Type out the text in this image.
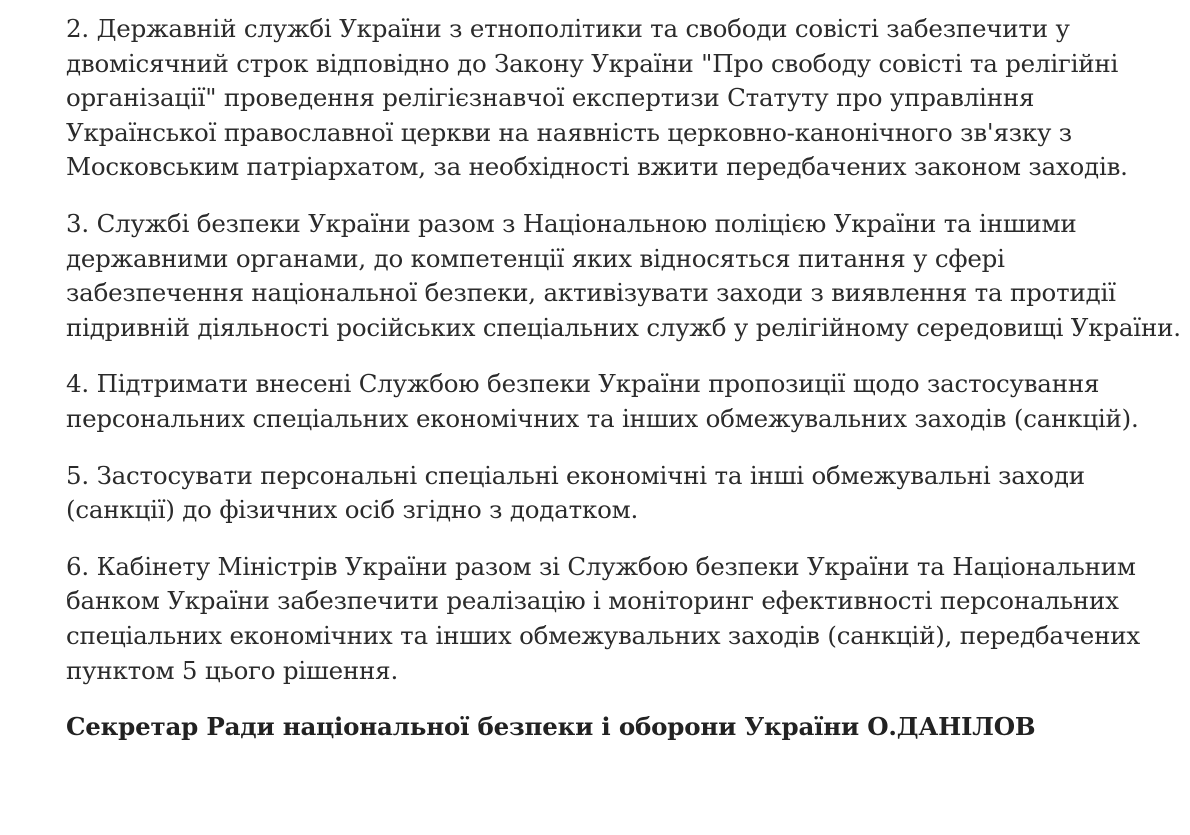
2. Державній службі України з етнополітики та свободи совісті забезпечити у двомісячний строк відповідно до Закону України "Про свободу совісті та релігійні організації" проведення релігієзнавчої експертизи Статуту про управління Української православної церкви на наявність церковно-канонічного зв'язку з Московським патріархатом, за необхідності вжити передбачених законом заходів.

3. Службі безпеки України разом з Національною поліцією України та іншими державними органами, до компетенції яких відносяться питання у сфері забезпечення національної безпеки, активізувати заходи з виявлення та протидії підривній діяльності російських спеціальних служб у релігійному середовищі України.

4. Підтримати внесені Службою безпеки України пропозиції щодо застосування персональних спеціальних економічних та інших обмежувальних заходів (санкцій).

5. Застосувати персональні спеціальні економічні та інші обмежувальні заходи (санкції) до фізичних осіб згідно з додатком.

6. Кабінету Міністрів України разом зі Службою безпеки України та Національним банком України забезпечити реалізацію і моніторинг ефективності персональних спеціальних економічних та інших обмежувальних заходів (санкцій), передбачених пунктом 5 цього рішення.

Секретар Ради національної безпеки і оборони України О.ДАНІЛОВ
